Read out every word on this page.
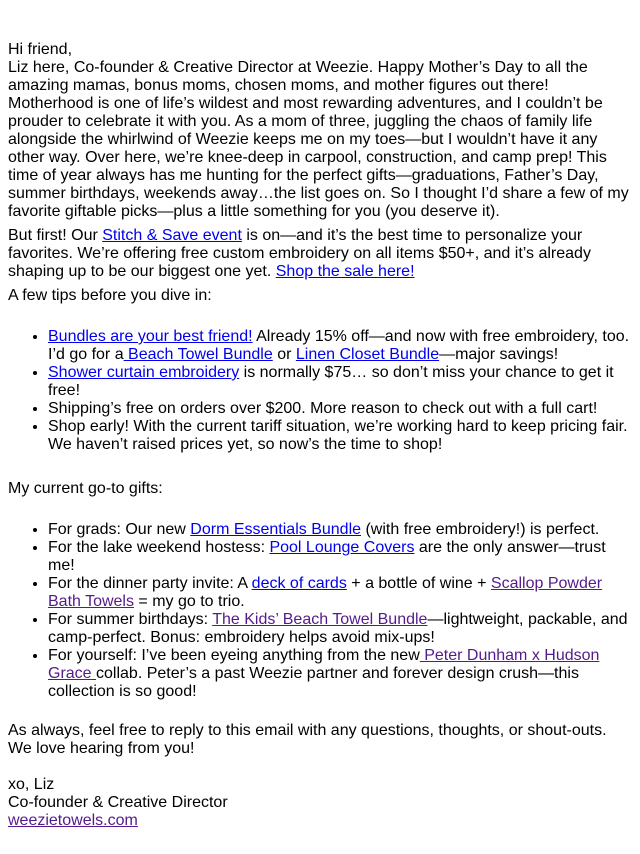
Hi friend,

Liz here, Co-founder & Creative Director at Weezie. Happy Mother’s Day to all the amazing mamas, bonus moms, chosen moms, and mother figures out there! Motherhood is one of life’s wildest and most rewarding adventures, and I couldn’t be prouder to celebrate it with you. As a mom of three, juggling the chaos of family life alongside the whirlwind of Weezie keeps me on my toes—but I wouldn’t have it any other way. Over here, we’re knee-deep in carpool, construction, and camp prep! This time of year always has me hunting for the perfect gifts—graduations, Father’s Day, summer birthdays, weekends away…the list goes on. So I thought I’d share a few of my favorite giftable picks—plus a little something for you (you deserve it).

But first! Our Stitch & Save event is on—and it’s the best time to personalize your favorites. We’re offering free custom embroidery on all items $50+, and it’s already shaping up to be our biggest one yet. Shop the sale here!

A few tips before you dive in:

• Bundles are your best friend! Already 15% off—and now with free embroidery, too. I’d go for a Beach Towel Bundle or Linen Closet Bundle—major savings!
• Shower curtain embroidery is normally $75… so don’t miss your chance to get it free!
• Shipping’s free on orders over $200. More reason to check out with a full cart!
• Shop early! With the current tariff situation, we’re working hard to keep pricing fair. We haven’t raised prices yet, so now’s the time to shop!

My current go-to gifts:

• For grads: Our new Dorm Essentials Bundle (with free embroidery!) is perfect.
• For the lake weekend hostess: Pool Lounge Covers are the only answer—trust me!
• For the dinner party invite: A deck of cards + a bottle of wine + Scallop Powder Bath Towels = my go to trio.
• For summer birthdays: The Kids’ Beach Towel Bundle—lightweight, packable, and camp-perfect. Bonus: embroidery helps avoid mix-ups!
• For yourself: I’ve been eyeing anything from the new Peter Dunham x Hudson Grace collab. Peter’s a past Weezie partner and forever design crush—this collection is so good!

As always, feel free to reply to this email with any questions, thoughts, or shout-outs. We love hearing from you!

xo, Liz

Co-founder & Creative Director

weezietowels.com
